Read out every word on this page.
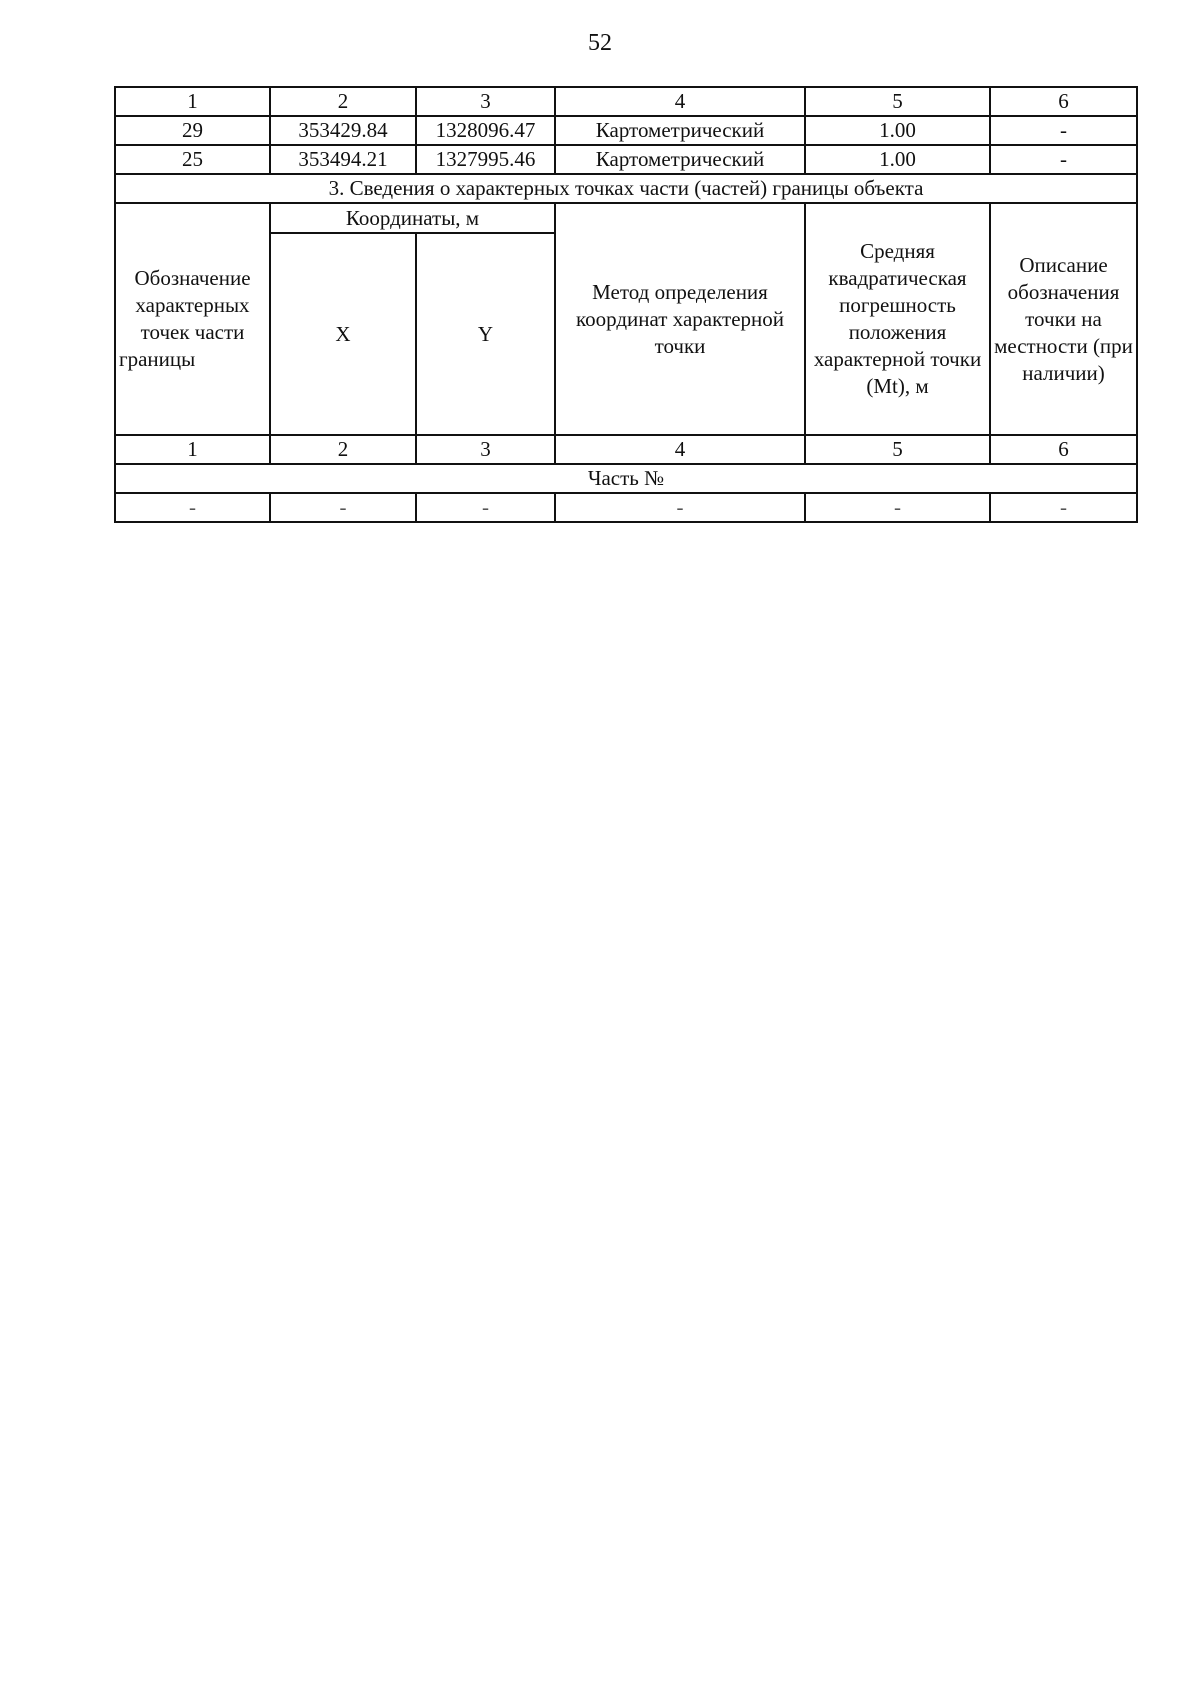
52
1	2	3	4	5	6
29	353429.84	1328096.47	Картометрический	1.00	-
25	353494.21	1327995.46	Картометрический	1.00	-
3. Сведения о характерных точках части (частей) границы объекта					
Обозначение характерных точек части границы	Координаты, м		Метод определения координат характерной точки	Средняя квадратическая погрешность положения характерной точки (Mt), м	Описание обозначения точки на местности (при наличии)
	X	Y			
1	2	3	4	5	6
Часть №					
-	-	-	-	-	-
